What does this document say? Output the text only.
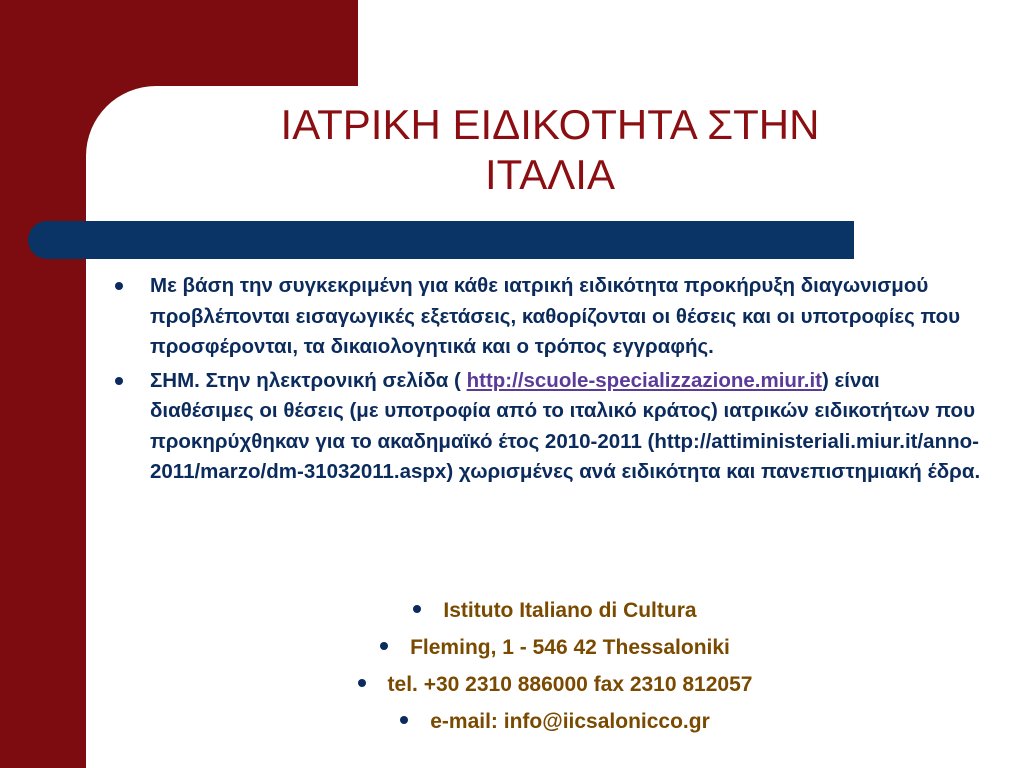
ΙΑΤΡΙΚΗ ΕΙΔΙΚΟΤΗΤΑ ΣΤΗΝ
ΙΤΑΛΙΑ
Με βάση την συγκεκριμένη για κάθε ιατρική ειδικότητα προκήρυξη διαγωνισμού προβλέπονται εισαγωγικές εξετάσεις, καθορίζονται οι θέσεις και οι υποτροφίες που προσφέρονται, τα δικαιολογητικά και ο τρόπος εγγραφής.
ΣΗΜ. Στην ηλεκτρονική σελίδα ( http://scuole-specializzazione.miur.it) είναι διαθέσιμες οι θέσεις (με υποτροφία από το ιταλικό κράτος) ιατρικών ειδικοτήτων που προκηρύχθηκαν για το ακαδημαϊκό έτος 2010-2011 (http://attiministeriali.miur.it/anno-2011/marzo/dm-31032011.aspx) χωρισμένες ανά ειδικότητα και πανεπιστημιακή έδρα.
Istituto Italiano di Cultura
Fleming, 1 - 546 42 Thessaloniki
tel. +30 2310 886000 fax 2310 812057
e-mail: info@iicsalonicco.gr
